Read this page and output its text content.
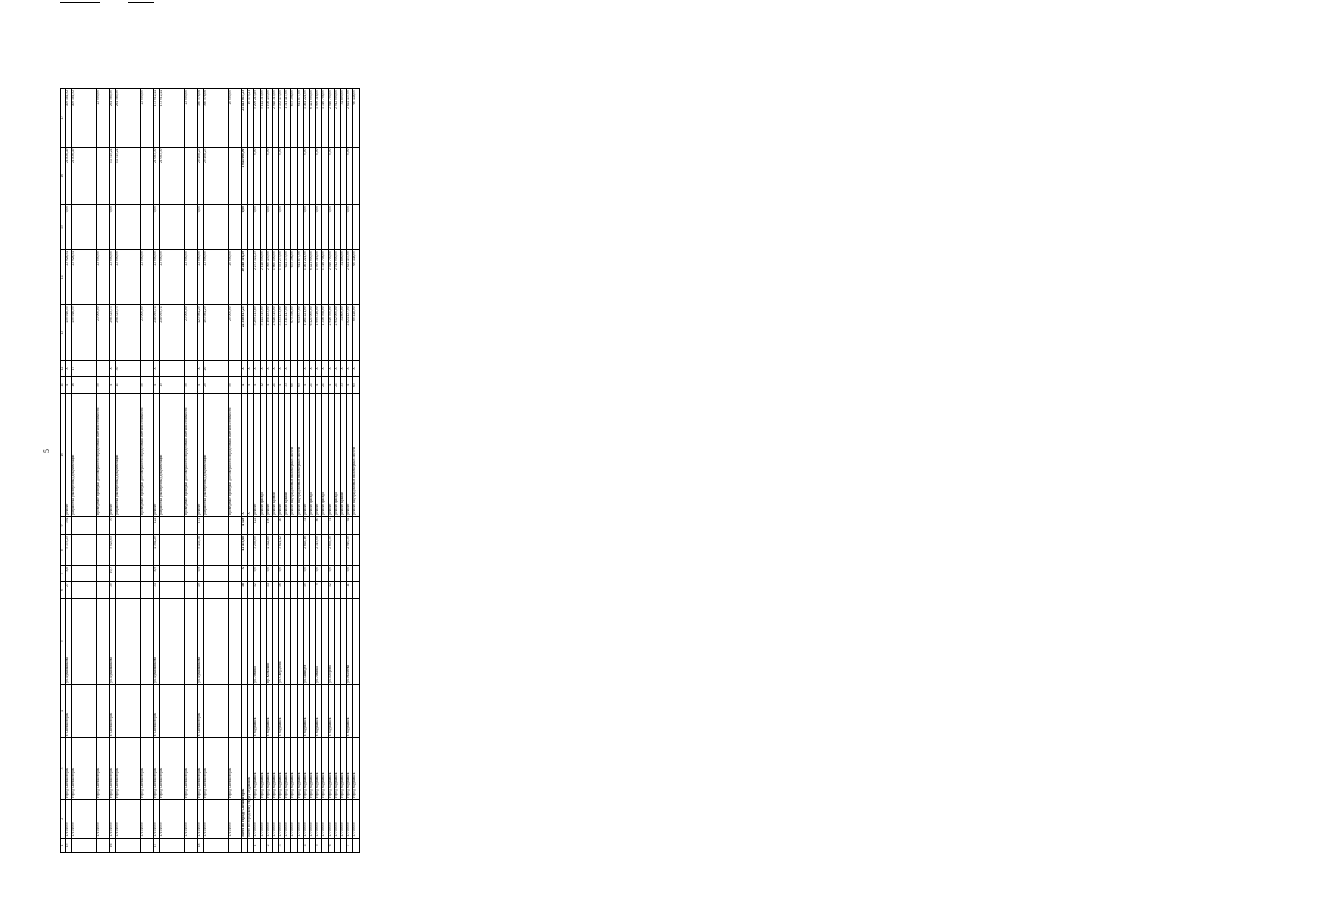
5
1	2	3	4	5	6	7	8	9	10	11	12	13	14	15	16	17
15	17101000	город Снежногорск	г. Снежногорск	ул. Бумажникова	27	8,8	5 375,25	394	ремонт	X	X	450 946,55	23 928,54	0,00	21 836,49	405 181,52
	17101000	город Снежногорск							разработка (экспертизы) документации	16	17	450 946,55	23 928,54		21 836,49	405 181,52
	17101000	город Снежногорск							проведение проверки достоверности определения сметной стоимости	50		23 000,00	23 000,00			23 000,00
16	17101000	город Снежногорск	г. Снежногорск	ул. Бумажникова	30	10,7	5 025,05	70	ремонт	X	X	298 325,73	23 000,00	0,00	14 745,24	261 580,50
	17101000	город Снежногорск							разработка (экспертизы) документации	11	30	298 325,73	23 000,00		14 745,24	261 580,50
	17101000	город Снежногорск							проведение проверки достоверности определения сметной стоимости	50		23 000,00	23 000,00			23 000,00
17	17101000	город Снежногорск	г. Снежногорск	ул. Бумажникова	34	8,9	4 392,20	122	ремонт	X	X	218 095,74	23 000,00	0,00	21 083,30	173 012,44
	17101000	город Снежногорск							разработка (экспертизы) документации	15		218 095,74	23 000,00		21 083,30	173 012,44
	17101000	город Снежногорск							проведение проверки достоверности определения сметной стоимости	50		23 000,00	23 000,00			23 000,00
18	17101000	город Снежногорск	г. Снежногорск	ул. Бумажникова	19	9,9	5 435,38	172	ремонт	X	X	423 984,29	23 000,00	0,00	20 408,23	380 576,06
	17101000	город Снежногорск							разработка (экспертизы) документации	20	20	403 984,29	23 000,00		20 408,23	360 576,06
	17101000	город Снежногорск							проведение проверки достоверности определения сметной стоимости	50		20 000,00	20 000,00			20 000,00
	Всего по городу Снежногорск				18	X	41 475,68	4 329	X	X	X	22 358 817,23	10 248 316,59	0,00	1 045 000,00	21 413 817,23
	Всего по городскому округу Мурманск								X	X	X					10 175,21
1	17705000	город Мурманск	г. Мурманск	ул. Ленина	12	9,0	3 255,00	122	ремонт	X	X	5 209 213,89	2 273 322,25	0,00	0,00	5 209 213,89
	17705000	город Мурманск							ремонт фасада	12	X	5 144 315,00	2 148 050,00			5 144 315,00
2	17705000	город Мурманск	г. Мурманск	пр. Кольский	14	9,0	4 342,80	100	ремонт	X	X	4 108 453,00	2 560 430,00	0,00	0,00	4 108 453,00
	17705000	город Мурманск							ремонт кровли	21	X	2 948 315,00	1 660 100,00			2 948 315,00
3	17705000	город Мурманск	г. Мурманск	ул. Свердлова	16	9,0	3 821,42	40	ремонт	X	X	3 333 473,00	1 531 275,00	0,00	0,00	3 333 473,00
	17705000	город Мурманск							ремонт крыши	33	X	1 311 417,00	624 375,00			1 311 417,00
	17705000	город Мурманск							ремонт внутридомовых инженерных систем	60		675 396,00	675 396,00			675 396,00
	17705000	город Мурманск							ремонт внутридомовых инженерных систем	65		614 877,00	614 877,00			614 877,00
4	17705000	город Мурманск	г. Мурманск	ул. Шмидта	10	9,0	2 845,16	31	ремонт	X	X	1 461 221,00	1 461 221,00	0,00	0,00	1 461 221,00
	17705000	город Мурманск							ремонт фасада	21	X	6 421 000,00	6 421 000,00			6 421 000,00
5	17705000	город Мурманск	г. Мурманск	ул. Ленина	9	9,0	2 315,00	80	ремонт	X	X	1 999 316,00	1 999 316,00	0,00	0,00	1 999 316,00
	17705000	город Мурманск							ремонт фасада	21	X	1 316 708,00	1 316 708,00			1 316 708,00
6	17705000	город Мурманск	г. Мурманск	ул. Егорова	12	9,0	2 693,30	74	ремонт	X	X	2 946 700,00	2 946 700,00	0,00	0,00	2 946 700,00
	17705000	город Мурманск							ремонт фасада	21	X	2 912 000,00	2 912 000,00			2 912 000,00
	17705000	город Мурманск							ремонт крыши	33	X	34 800,00	34 800,00			34 800,00
7	17705000	город Мурманск	г. Мурманск	ул. Рылеева	11	9,0	2 910,30	92	ремонт	X	X	2 824 437,00	2 824 437,00	0,00	0,00	2 824 437,00
	17705000	город Мурманск							ремонт внутридомовых инженерных систем	65	X	60 448,00	60 448,00			60 448,00
